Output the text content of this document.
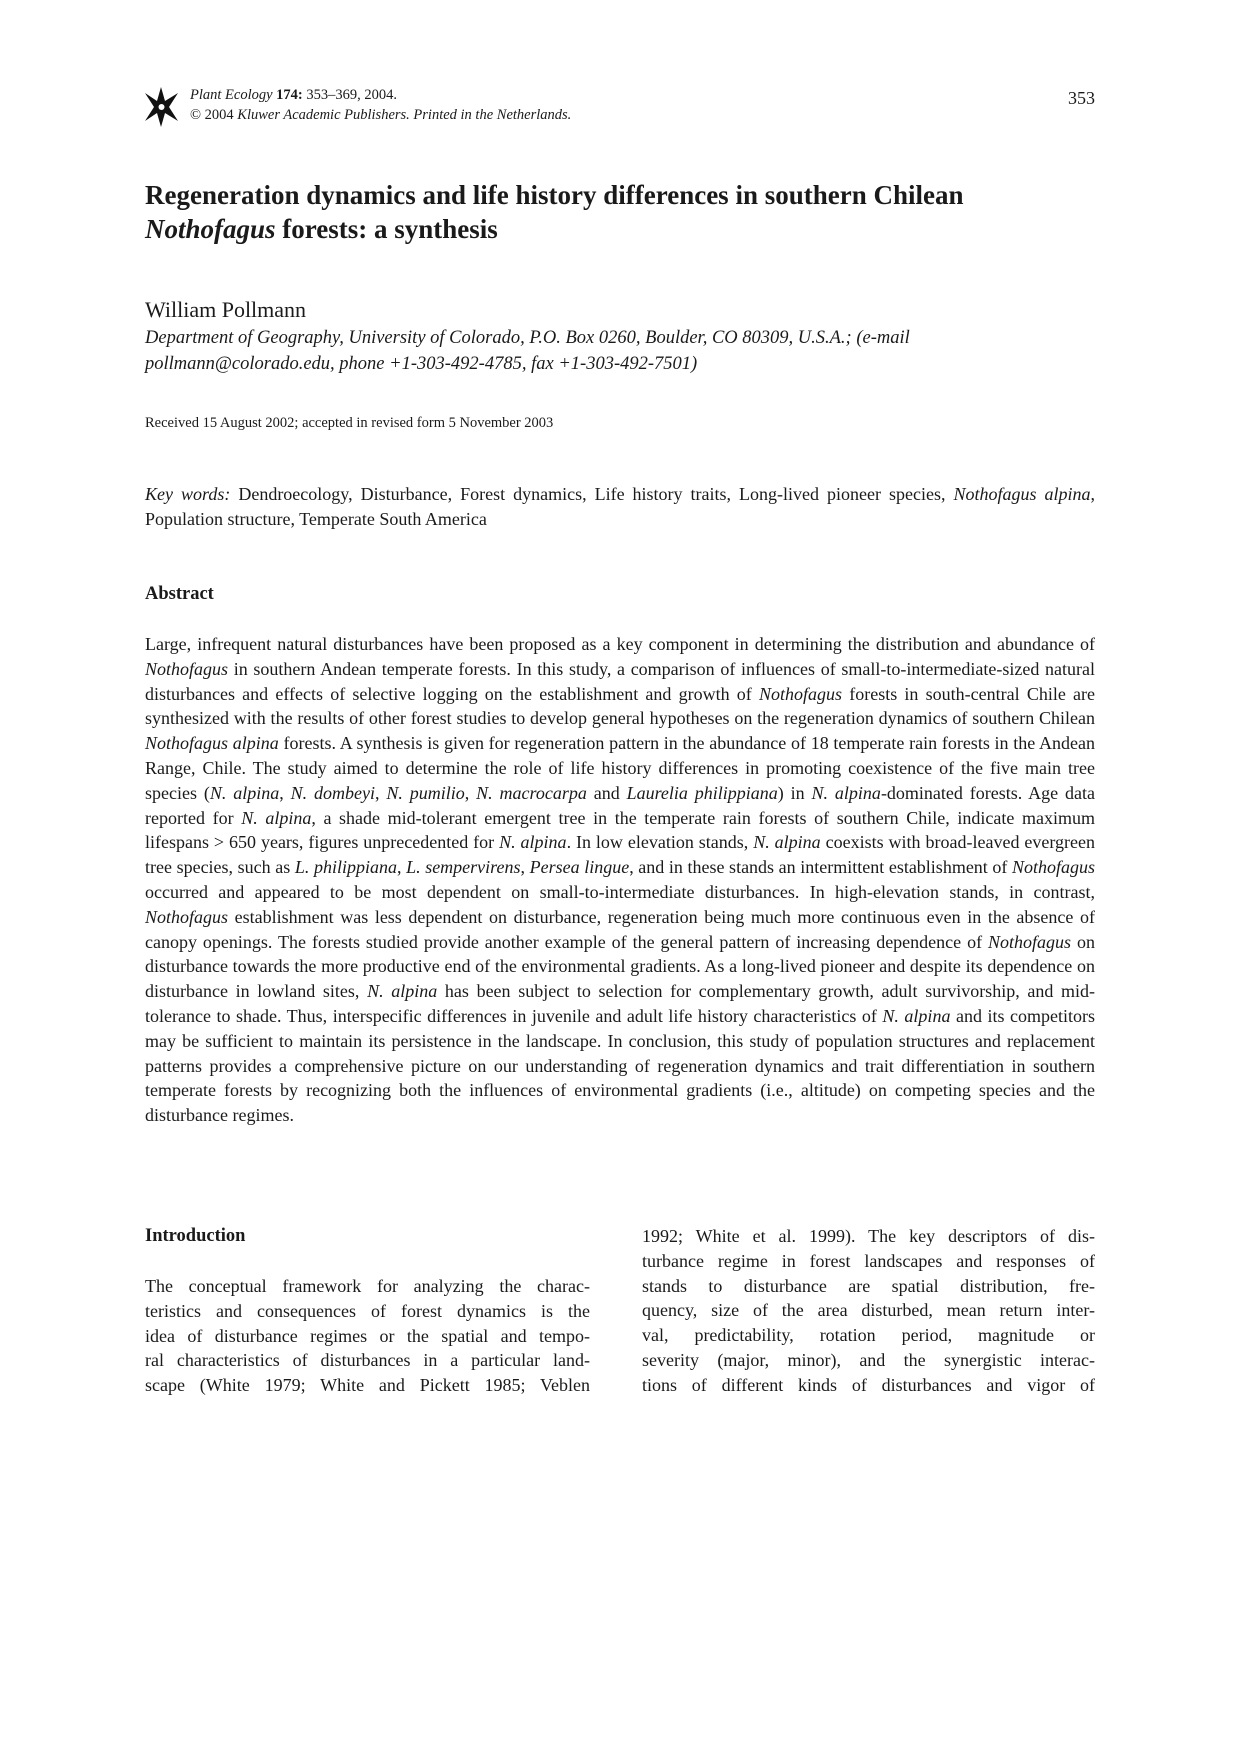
Plant Ecology 174: 353–369, 2004.
© 2004 Kluwer Academic Publishers. Printed in the Netherlands.
353
Regeneration dynamics and life history differences in southern Chilean
Nothofagus forests: a synthesis
William Pollmann
Department of Geography, University of Colorado, P.O. Box 0260, Boulder, CO 80309, U.S.A.; (e-mail
pollmann@colorado.edu, phone +1-303-492-4785, fax +1-303-492-7501)
Received 15 August 2002; accepted in revised form 5 November 2003
Key words: Dendroecology, Disturbance, Forest dynamics, Life history traits, Long-lived pioneer species, Nothofagus alpina, Population structure, Temperate South America
Abstract
Large, infrequent natural disturbances have been proposed as a key component in determining the distribution and abundance of Nothofagus in southern Andean temperate forests. In this study, a comparison of influences of small-to-intermediate-sized natural disturbances and effects of selective logging on the establishment and growth of Nothofagus forests in south-central Chile are synthesized with the results of other forest studies to develop general hypotheses on the regeneration dynamics of southern Chilean Nothofagus alpina forests. A synthesis is given for regeneration pattern in the abundance of 18 temperate rain forests in the Andean Range, Chile. The study aimed to determine the role of life history differences in promoting coexistence of the five main tree species (N. alpina, N. dombeyi, N. pumilio, N. macrocarpa and Laurelia philippiana) in N. alpina-dominated forests. Age data reported for N. alpina, a shade mid-tolerant emergent tree in the temperate rain forests of southern Chile, indicate maximum lifespans > 650 years, figures unprecedented for N. alpina. In low elevation stands, N. alpina coexists with broad-leaved evergreen tree species, such as L. philippiana, L. sempervirens, Persea lingue, and in these stands an intermittent establishment of Nothofagus occurred and appeared to be most dependent on small-to-intermediate disturbances. In high-elevation stands, in contrast, Nothofagus establishment was less dependent on disturbance, regeneration being much more continuous even in the absence of canopy openings. The forests studied provide another example of the general pattern of increasing dependence of Nothofagus on disturbance towards the more productive end of the environmental gradients. As a long-lived pioneer and despite its dependence on disturbance in lowland sites, N. alpina has been subject to selection for complementary growth, adult survivorship, and mid-tolerance to shade. Thus, interspecific differences in juvenile and adult life history characteristics of N. alpina and its competitors may be sufficient to maintain its persistence in the landscape. In conclusion, this study of population structures and replacement patterns provides a comprehensive picture on our understanding of regeneration dynamics and trait differentiation in southern temperate forests by recognizing both the influences of environmental gradients (i.e., altitude) on competing species and the disturbance regimes.
Introduction
The conceptual framework for analyzing the charac-
teristics and consequences of forest dynamics is the
idea of disturbance regimes or the spatial and tempo-
ral characteristics of disturbances in a particular land-
scape (White 1979; White and Pickett 1985; Veblen
1992; White et al. 1999). The key descriptors of dis-
turbance regime in forest landscapes and responses of
stands to disturbance are spatial distribution, fre-
quency, size of the area disturbed, mean return inter-
val, predictability, rotation period, magnitude or
severity (major, minor), and the synergistic interac-
tions of different kinds of disturbances and vigor of
